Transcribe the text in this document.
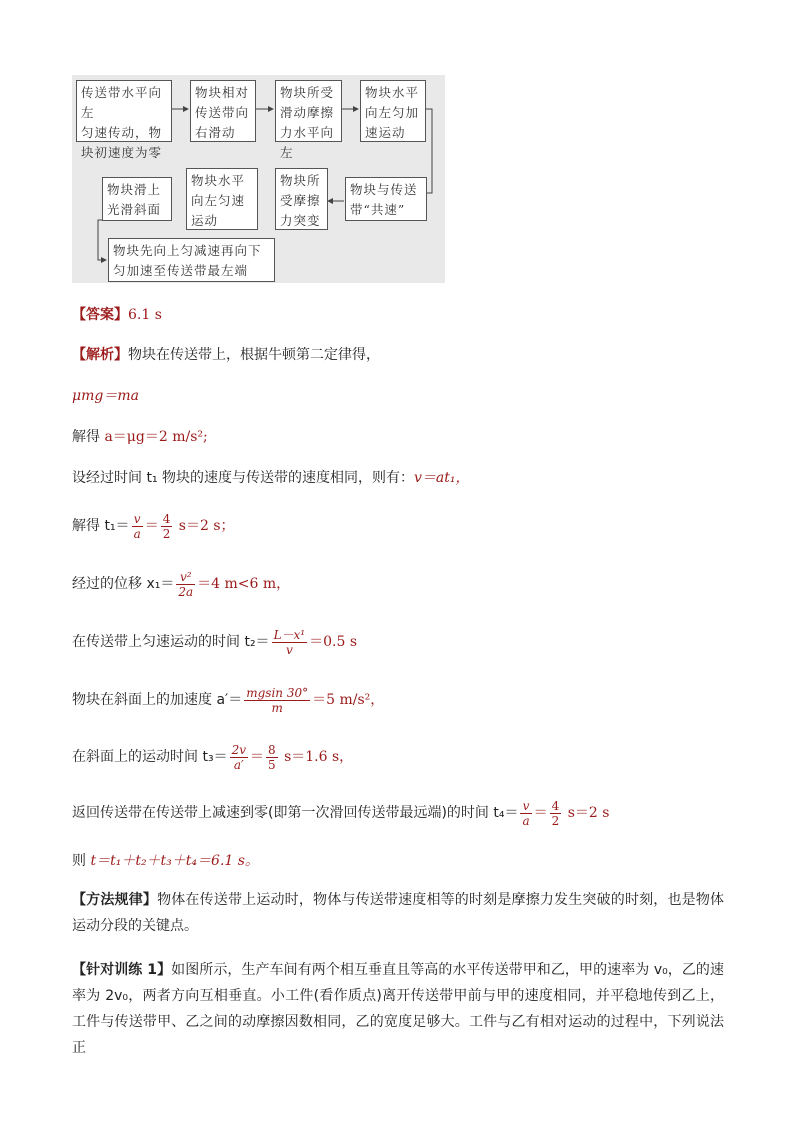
传送带水平向左
匀速传动，物
块初速度为零
物块相对
传送带向
右滑动
物块所受
滑动摩擦
力水平向左
物块水平
向左匀加
速运动
物块与传送
带“共速”
物块所
受摩擦
力突变
物块水平
向左匀速
运动
物块滑上
光滑斜面
物块先向上匀减速再向下
匀加速至传送带最左端
【答案】6.1 s
【解析】物块在传送带上，根据牛顿第二定律得，
μmg＝ma
解得 a＝μg＝2 m/s²;
设经过时间 t₁ 物块的速度与传送带的速度相同，则有：v＝at₁，
解得 $t_1= \frac{v}{a} = \frac{4}{2} s=2$ s；
经过的位移 $x_1= \frac{\text{v²}}{2a} =4$ m<6 m，
在传送带上匀速运动的时间 $t_2= \frac{\text{L－x¹}}{v} =0.5$ s
物块在斜面上的加速度 $a'= \frac{mgsin 30^\circ}{m} =5$ m/s²，
在斜面上的运动时间 $t_3= \frac{2v}{a'} = \frac{8}{5} s=1.6$ s，
返回传送带在传送带上减速到零(即第一次滑回传送带最远端)的时间 $t_4= \frac{v}{a} = \frac{4}{2} s=2$ s
则 t＝t₁＋t₂＋t₃＋t₄＝6.1 s。
【方法规律】物体在传送带上运动时，物体与传送带速度相等的时刻是摩擦力发生突破的时刻，也是物体运动分段的关键点。
【针对训练 1】如图所示，生产车间有两个相互垂直且等高的水平传送带甲和乙，甲的速率为 v₀，乙的速率为 2v₀，两者方向互相垂直。小工件(看作质点)离开传送带甲前与甲的速度相同，并平稳地传到乙上，工件与传送带甲、乙之间的动摩擦因数相同，乙的宽度足够大。工件与乙有相对运动的过程中，下列说法正
